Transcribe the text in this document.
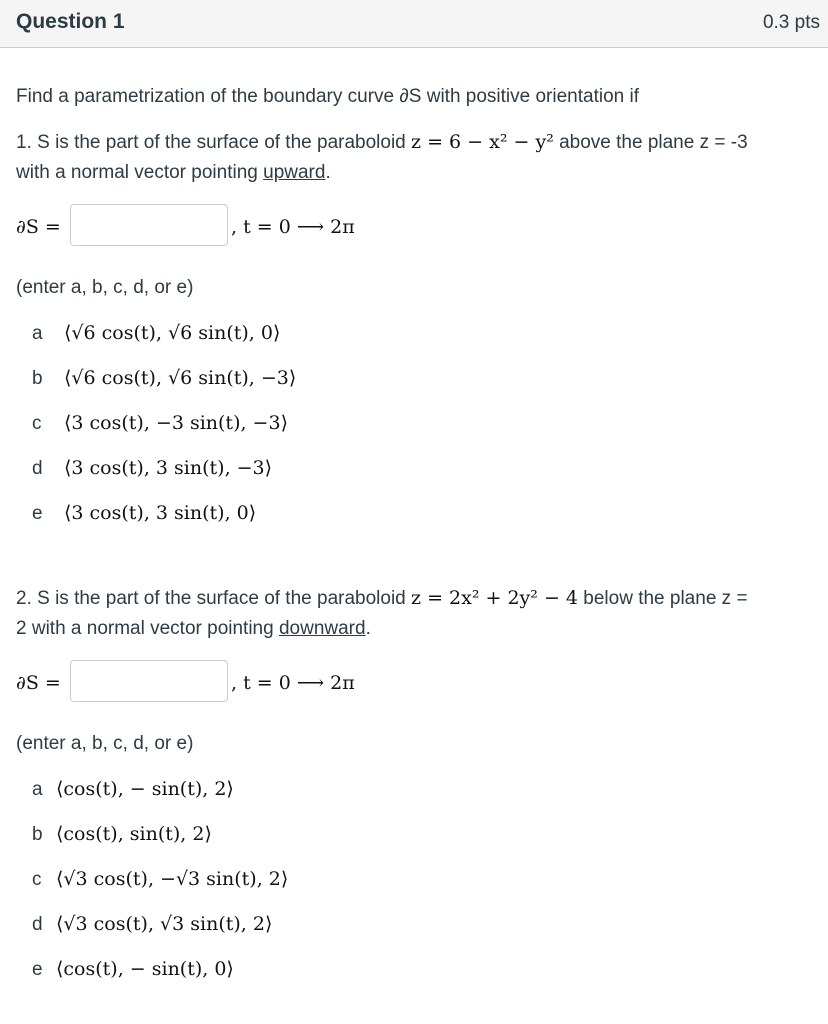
Question 1	0.3 pts
Find a parametrization of the boundary curve ∂S with positive orientation if
1. S is the part of the surface of the paraboloid z = 6 − x² − y² above the plane z = -3
with a normal vector pointing upward.
∂S =	, t = 0 ⟶ 2π
(enter a, b, c, d, or e)
a ⟨√6 cos(t), √6 sin(t), 0⟩
b ⟨√6 cos(t), √6 sin(t), −3⟩
c ⟨3 cos(t), −3 sin(t), −3⟩
d ⟨3 cos(t), 3 sin(t), −3⟩
e ⟨3 cos(t), 3 sin(t), 0⟩
2. S is the part of the surface of the paraboloid z = 2x² + 2y² − 4 below the plane z =
2 with a normal vector pointing downward.
∂S =	, t = 0 ⟶ 2π
(enter a, b, c, d, or e)
a ⟨cos(t), − sin(t), 2⟩
b ⟨cos(t), sin(t), 2⟩
c ⟨√3 cos(t), −√3 sin(t), 2⟩
d ⟨√3 cos(t), √3 sin(t), 2⟩
e ⟨cos(t), − sin(t), 0⟩
